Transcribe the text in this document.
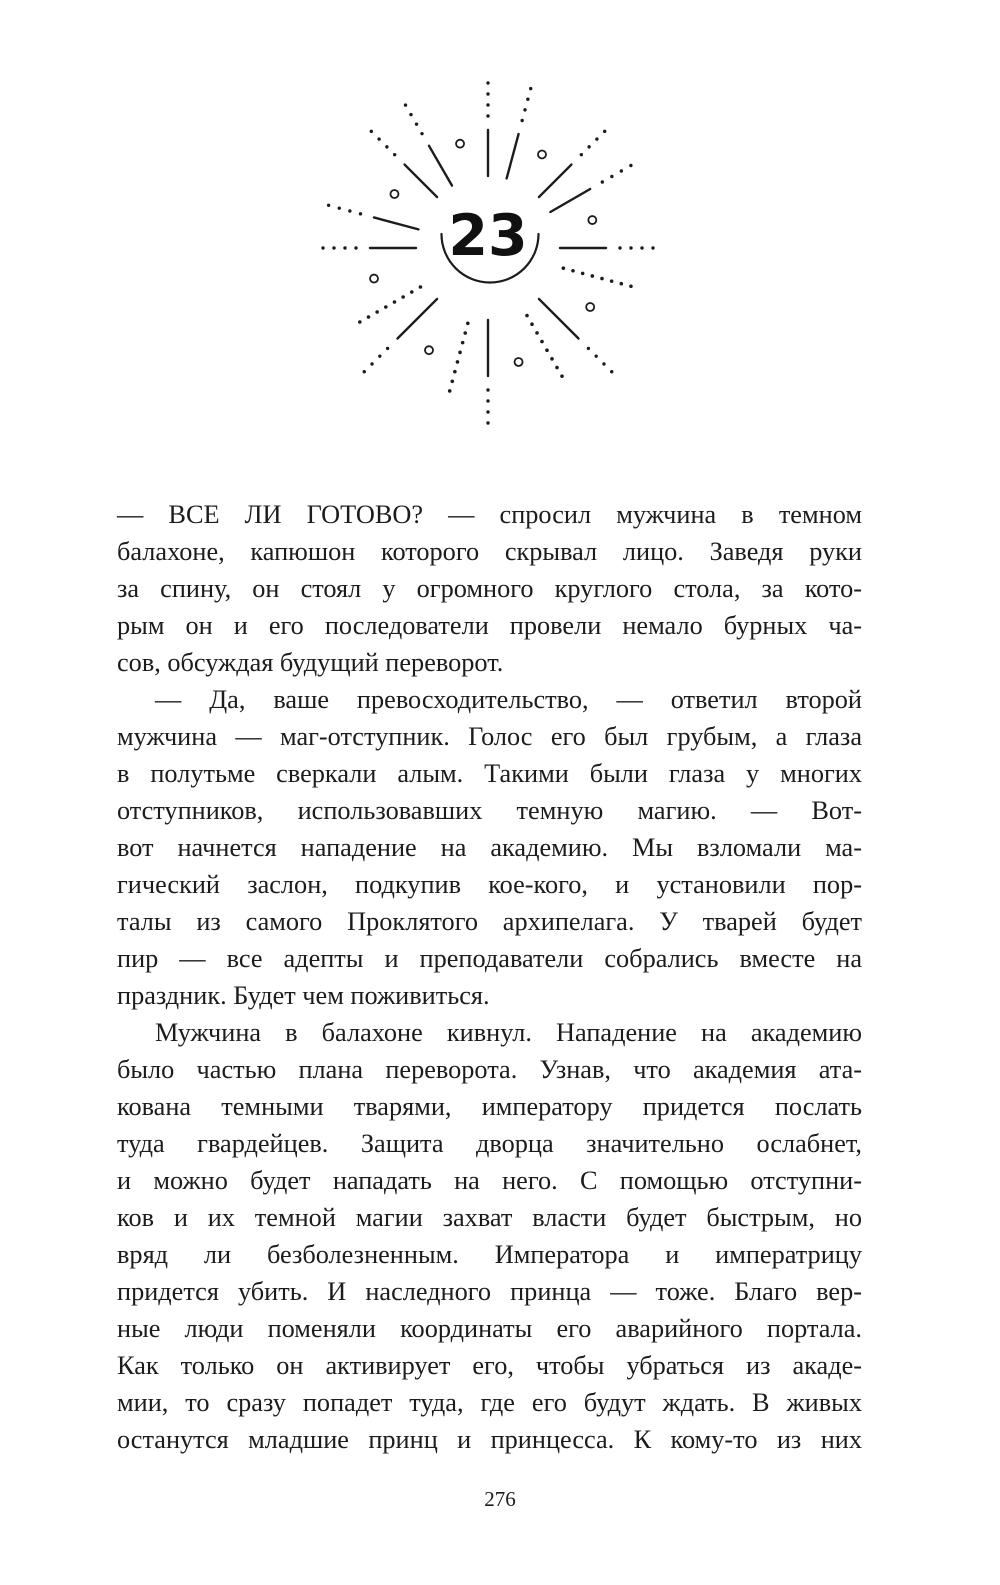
23
— ВСЕ ЛИ ГОТОВО? — спросил мужчина в темном
балахоне, капюшон которого скрывал лицо. Заведя руки
за спину, он стоял у огромного круглого стола, за кото-
рым он и его последователи провели немало бурных ча-
сов, обсуждая будущий переворот.
— Да, ваше превосходительство, — ответил второй
мужчина — маг-отступник. Голос его был грубым, а глаза
в полутьме сверкали алым. Такими были глаза у многих
отступников, использовавших темную магию. — Вот-
вот начнется нападение на академию. Мы взломали ма-
гический заслон, подкупив кое-кого, и установили пор-
талы из самого Проклятого архипелага. У тварей будет
пир — все адепты и преподаватели собрались вместе на
праздник. Будет чем поживиться.
Мужчина в балахоне кивнул. Нападение на академию
было частью плана переворота. Узнав, что академия ата-
кована темными тварями, императору придется послать
туда гвардейцев. Защита дворца значительно ослабнет,
и можно будет нападать на него. С помощью отступни-
ков и их темной магии захват власти будет быстрым, но
вряд ли безболезненным. Императора и императрицу
придется убить. И наследного принца — тоже. Благо вер-
ные люди поменяли координаты его аварийного портала.
Как только он активирует его, чтобы убраться из акаде-
мии, то сразу попадет туда, где его будут ждать. В живых
останутся младшие принц и принцесса. К кому-то из них
276
